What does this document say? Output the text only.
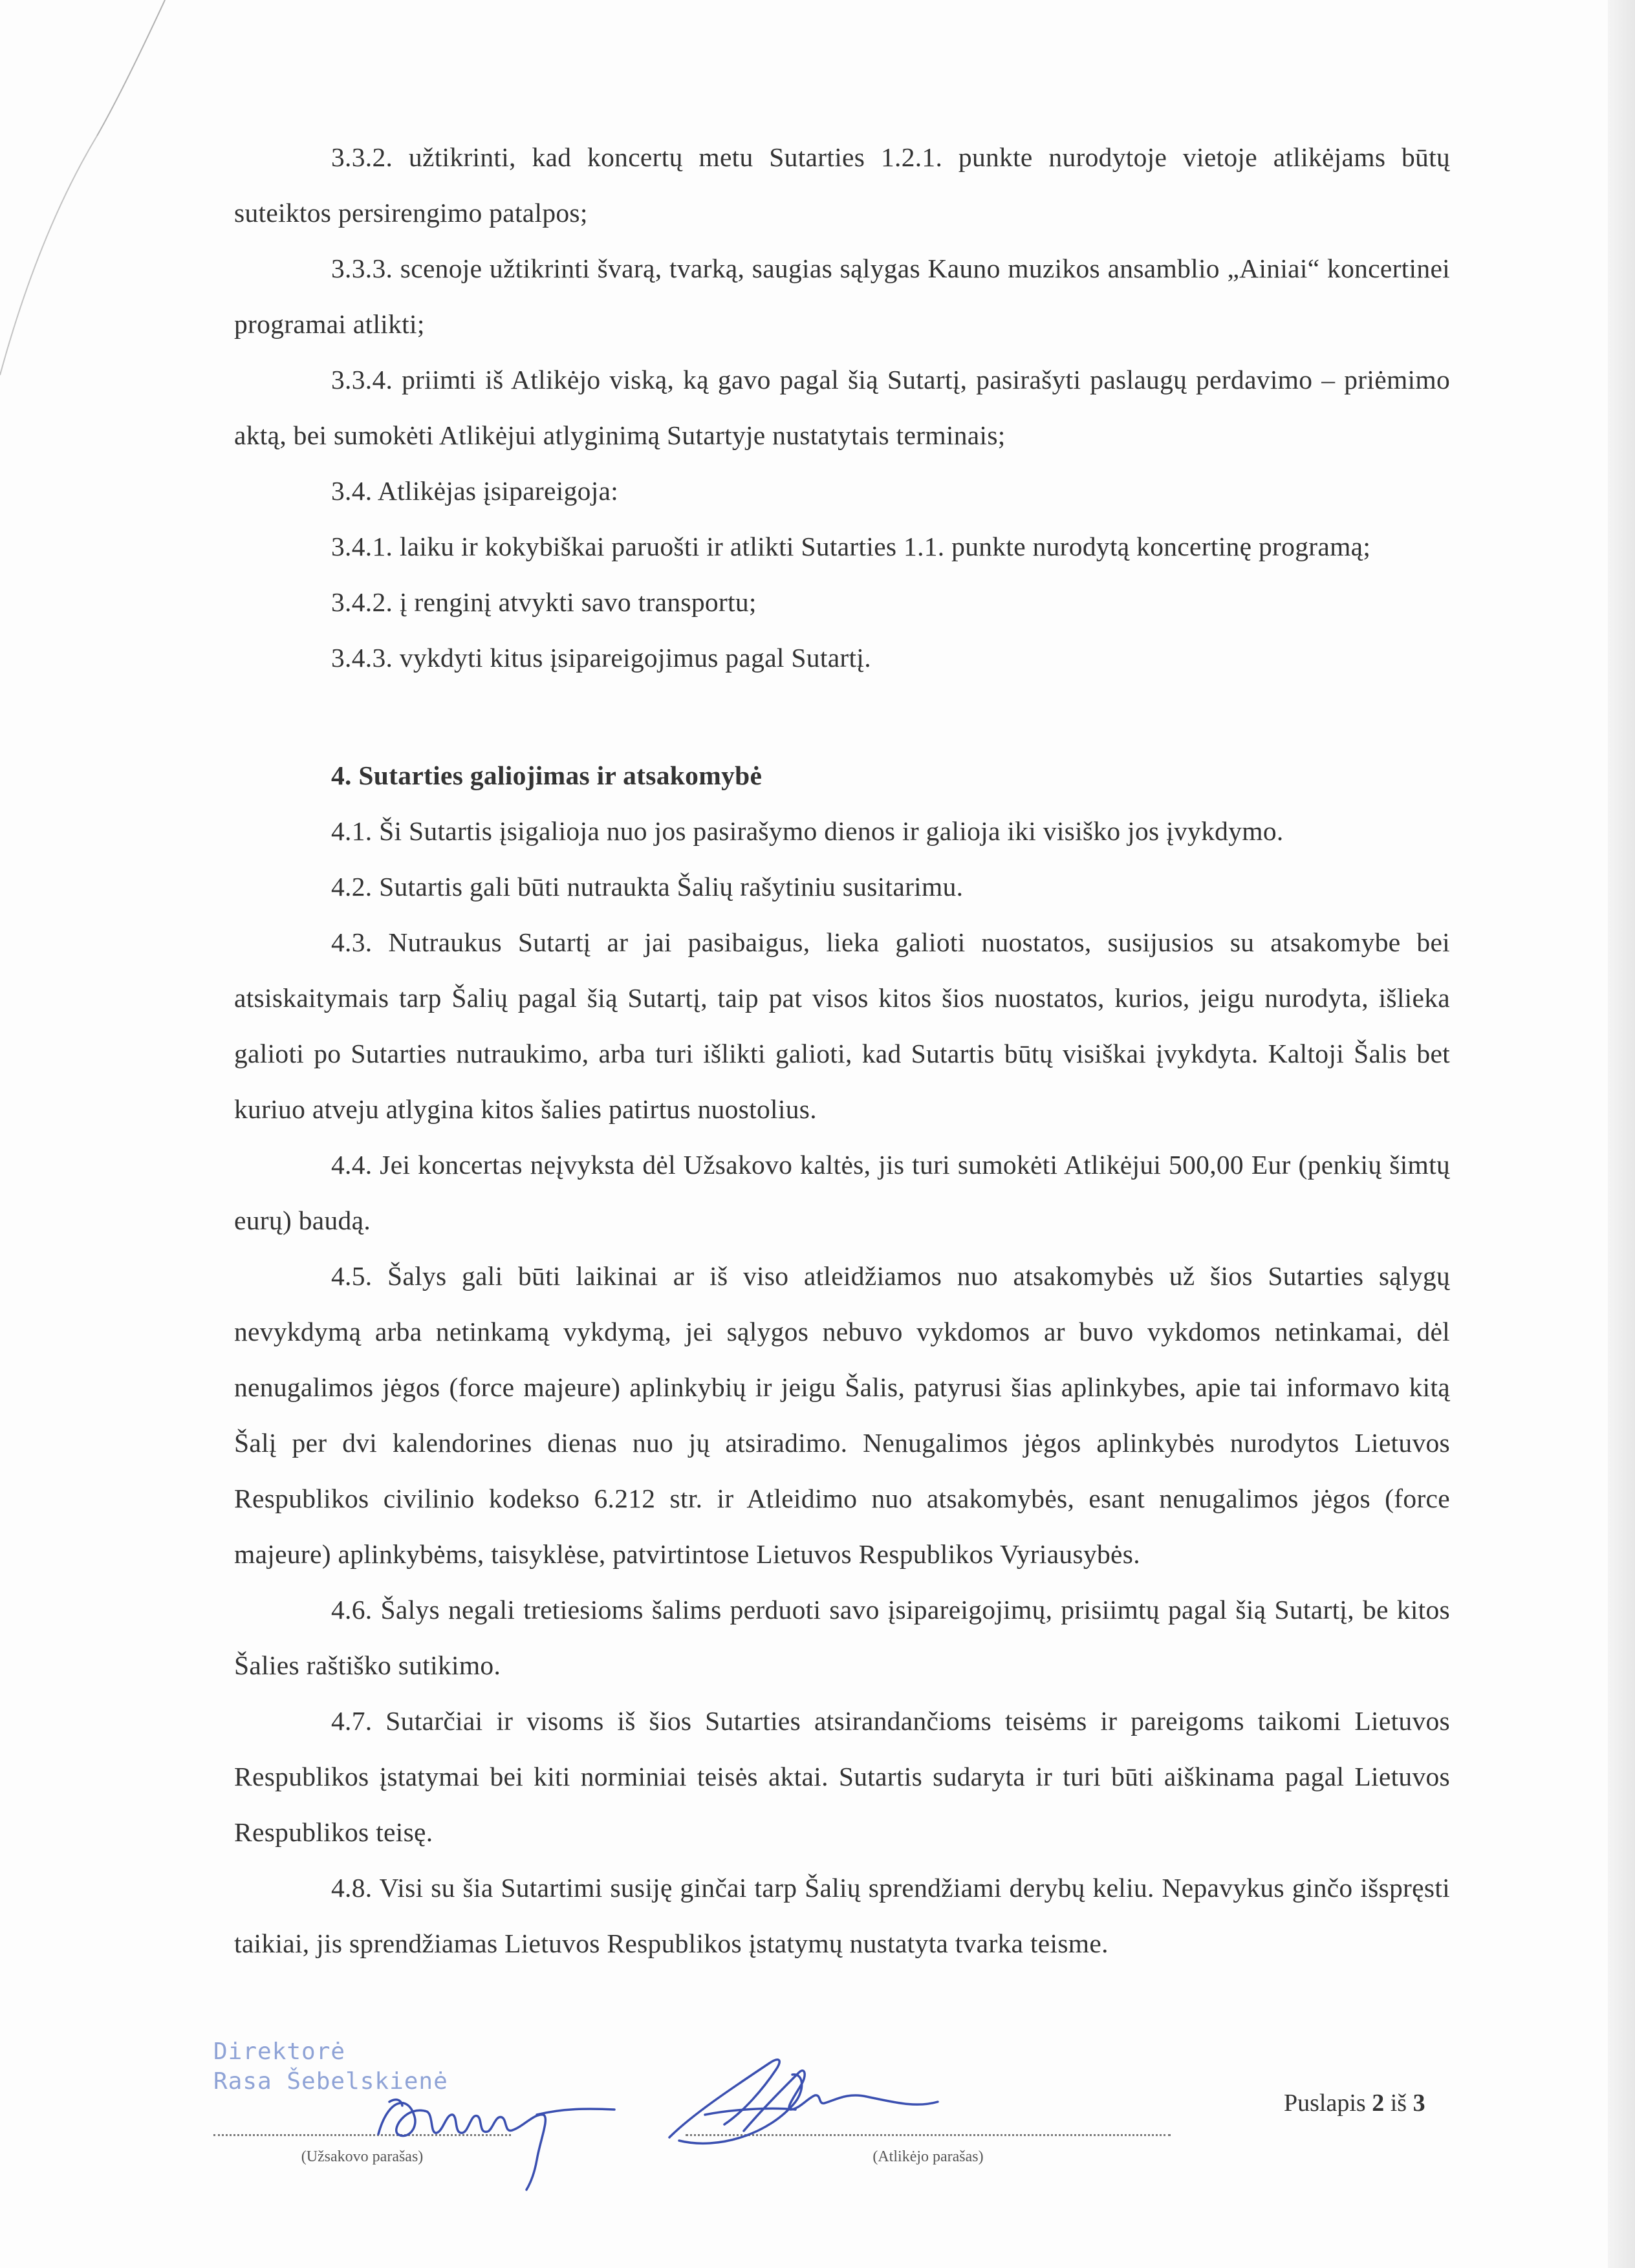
3.3.2. užtikrinti, kad koncertų metu Sutarties 1.2.1. punkte nurodytoje vietoje atlikėjams būtų suteiktos persirengimo patalpos;

3.3.3. scenoje užtikrinti švarą, tvarką, saugias sąlygas Kauno muzikos ansamblio „Ainiai“ koncertinei programai atlikti;

3.3.4. priimti iš Atlikėjo viską, ką gavo pagal šią Sutartį, pasirašyti paslaugų perdavimo – priėmimo aktą, bei sumokėti Atlikėjui atlyginimą Sutartyje nustatytais terminais;

3.4. Atlikėjas įsipareigoja:

3.4.1. laiku ir kokybiškai paruošti ir atlikti Sutarties 1.1. punkte nurodytą koncertinę programą;

3.4.2. į renginį atvykti savo transportu;

3.4.3. vykdyti kitus įsipareigojimus pagal Sutartį.

4. Sutarties galiojimas ir atsakomybė

4.1. Ši Sutartis įsigalioja nuo jos pasirašymo dienos ir galioja iki visiško jos įvykdymo.

4.2. Sutartis gali būti nutraukta Šalių rašytiniu susitarimu.

4.3. Nutraukus Sutartį ar jai pasibaigus, lieka galioti nuostatos, susijusios su atsakomybe bei atsiskaitymais tarp Šalių pagal šią Sutartį, taip pat visos kitos šios nuostatos, kurios, jeigu nurodyta, išlieka galioti po Sutarties nutraukimo, arba turi išlikti galioti, kad Sutartis būtų visiškai įvykdyta. Kaltoji Šalis bet kuriuo atveju atlygina kitos šalies patirtus nuostolius.

4.4. Jei koncertas neįvyksta dėl Užsakovo kaltės, jis turi sumokėti Atlikėjui 500,00 Eur (penkių šimtų eurų) baudą.

4.5. Šalys gali būti laikinai ar iš viso atleidžiamos nuo atsakomybės už šios Sutarties sąlygų nevykdymą arba netinkamą vykdymą, jei sąlygos nebuvo vykdomos ar buvo vykdomos netinkamai, dėl nenugalimos jėgos (force majeure) aplinkybių ir jeigu Šalis, patyrusi šias aplinkybes, apie tai informavo kitą Šalį per dvi kalendorines dienas nuo jų atsiradimo. Nenugalimos jėgos aplinkybės nurodytos Lietuvos Respublikos civilinio kodekso 6.212 str. ir Atleidimo nuo atsakomybės, esant nenugalimos jėgos (force majeure) aplinkybėms, taisyklėse, patvirtintose Lietuvos Respublikos Vyriausybės.

4.6. Šalys negali tretiesioms šalims perduoti savo įsipareigojimų, prisiimtų pagal šią Sutartį, be kitos Šalies raštiško sutikimo.

4.7. Sutarčiai ir visoms iš šios Sutarties atsirandančioms teisėms ir pareigoms taikomi Lietuvos Respublikos įstatymai bei kiti norminiai teisės aktai. Sutartis sudaryta ir turi būti aiškinama pagal Lietuvos Respublikos teisę.

4.8. Visi su šia Sutartimi susiję ginčai tarp Šalių sprendžiami derybų keliu. Nepavykus ginčo išspręsti taikiai, jis sprendžiamas Lietuvos Respublikos įstatymų nustatyta tvarka teisme.

Direktorė
Rasa Šebelskienė
(Užsakovo parašas)	(Atlikėjo parašas)
Puslapis 2 iš 3
